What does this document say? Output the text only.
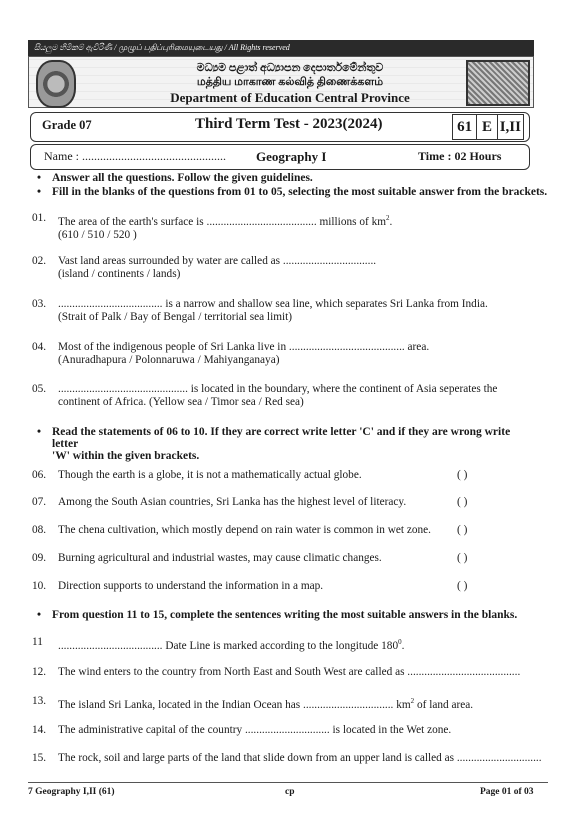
සියලුම හිමිකම් ඇවිරිණි / முழுப் பதிப்புரிமையுடையது / All Rights reserved
මධ්‍යම පළාත් අධ්‍යාපන දෙපාර්තමේන්තුව
மத்திய மாகாண கல்வித் திணைக்களம்
Department of Education Central Province
Grade 07	Third Term Test - 2023(2024)	61 E I,II
Name : ................................................ Geography I	Time : 02 Hours
• Answer all the questions. Follow the given guidelines.
• Fill in the blanks of the questions from 01 to 05, selecting the most suitable answer from the brackets.
01. The area of the earth's surface is ....................................... millions of $km^2$.
(610 / 510 / 520 )
02. Vast land areas surrounded by water are called as .................................
(island / continents / lands)
03. ..................................... is a narrow and shallow sea line, which separates Sri Lanka from India.
(Strait of Palk / Bay of Bengal / territorial sea limit)
04. Most of the indigenous people of Sri Lanka live in ......................................... area.
(Anuradhapura / Polonnaruwa / Mahiyanganaya)
05. .............................................. is located in the boundary, where the continent of Asia seperates the
continent of Africa. (Yellow sea / Timor sea / Red sea)
• Read the statements of 06 to 10. If they are correct write letter 'C' and if they are wrong write letter
'W' within the given brackets.
06. Though the earth is a globe, it is not a mathematically actual globe.	( )
07. Among the South Asian countries, Sri Lanka has the highest level of literacy.	( )
08. The chena cultivation, which mostly depend on rain water is common in wet zone. ( )
09. Burning agricultural and industrial wastes, may cause climatic changes.	( )
10. Direction supports to understand the information in a map.	( )
• From question 11 to 15, complete the sentences writing the most suitable answers in the blanks.
11 ..................................... Date Line is marked according to the longitude $180^0$.
12. The wind enters to the country from North East and South West are called as ........................................
13. The island Sri Lanka, located in the Indian Ocean has ................................ $km^2$ of land area.
14. The administrative capital of the country .............................. is located in the Wet zone.
15. The rock, soil and large parts of the land that slide down from an upper land is called as ..............................
7 Geography I,II (61)	cp	Page 01 of 03
